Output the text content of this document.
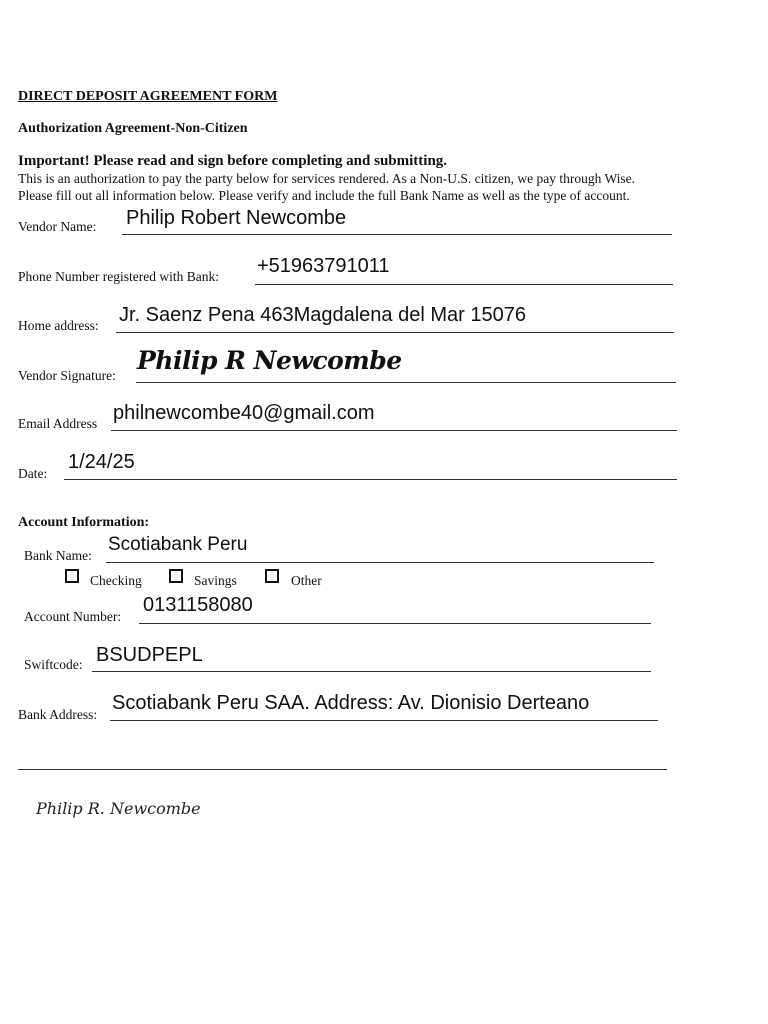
DIRECT DEPOSIT AGREEMENT FORM
Authorization Agreement-Non-Citizen
Important! Please read and sign before completing and submitting.
This is an authorization to pay the party below for services rendered. As a Non-U.S. citizen, we pay through Wise.
Please fill out all information below. Please verify and include the full Bank Name as well as the type of account.
Vendor Name: Philip Robert Newcombe
Phone Number registered with Bank: +51963791011
Home address: Jr. Saenz Pena 463Magdalena del Mar 15076
Vendor Signature:
Philip R Newcombe
Email Address philnewcombe40@gmail.com
Date:
1/24/25
Account Information:
Bank Name:
Scotiabank Peru
Checking	Savings	Other
Account Number:
0131158080
Swiftcode: BSUDPEPL
Bank Address:
Scotiabank Peru SAA. Address: Av. Dionisio Derteano
Philip R. Newcombe
